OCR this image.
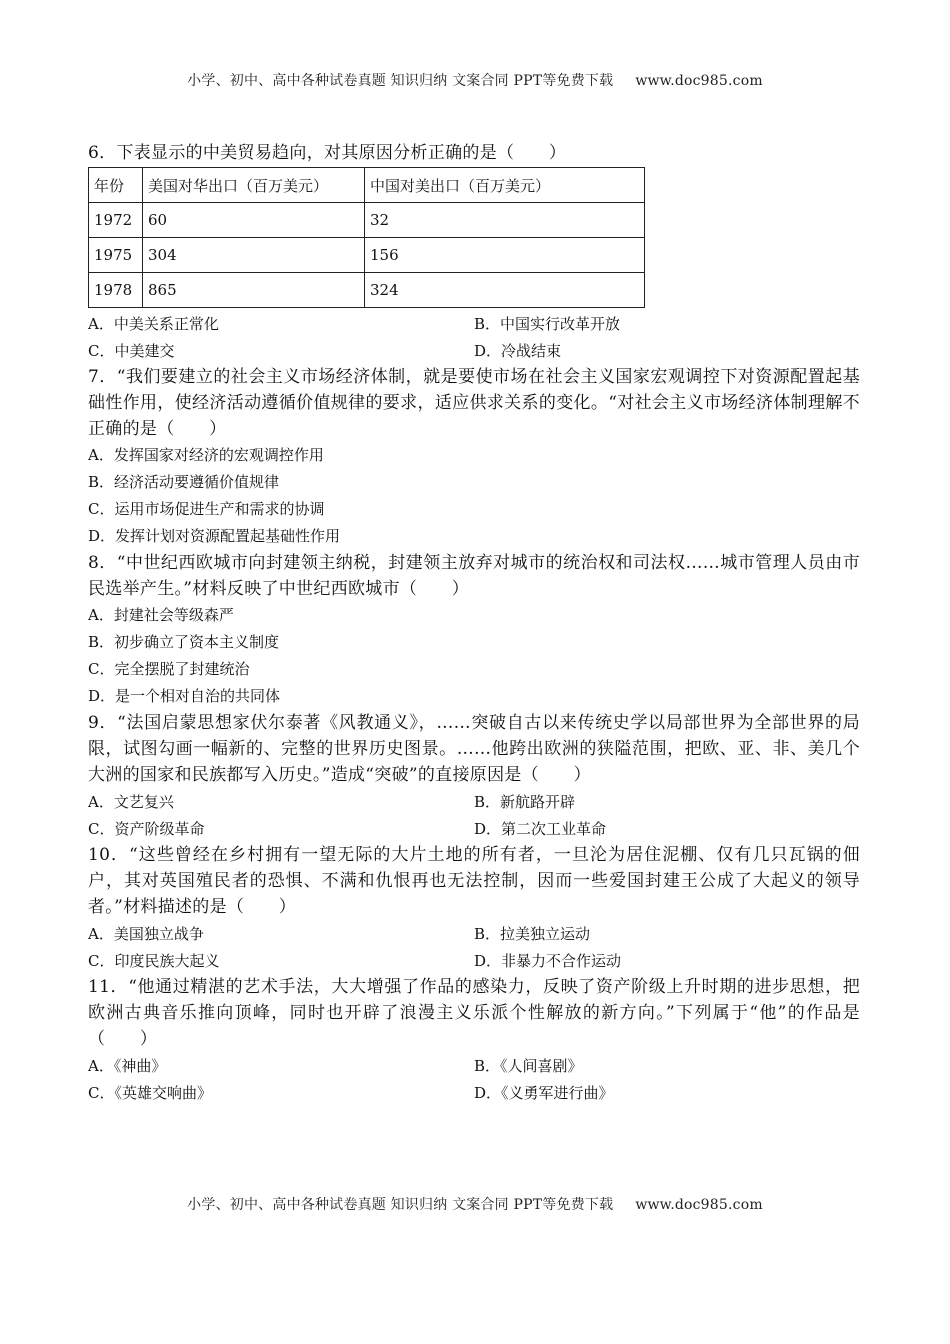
小学、初中、高中各种试卷真题 知识归纳 文案合同 PPT等免费下载 www.doc985.com

6．下表显示的中美贸易趋向，对其原因分析正确的是（　　）

年份	美国对华出口（百万美元）	中国对美出口（百万美元）
1972	60	32
1975	304	156
1978	865	324
A．中美关系正常化	B．中国实行改革开放
C．中美建交	D．冷战结束

7．“我们要建立的社会主义市场经济体制，就是要使市场在社会主义国家宏观调控下对资源配置起基础性作用，使经济活动遵循价值规律的要求，适应供求关系的变化。“对社会主义市场经济体制理解不正确的是（　　）

A．发挥国家对经济的宏观调控作用
B．经济活动要遵循价值规律
C．运用市场促进生产和需求的协调
D．发挥计划对资源配置起基础性作用

8．“中世纪西欧城市向封建领主纳税，封建领主放弃对城市的统治权和司法权……城市管理人员由市民选举产生。”材料反映了中世纪西欧城市（　　）

A．封建社会等级森严
B．初步确立了资本主义制度
C．完全摆脱了封建统治
D．是一个相对自治的共同体

9．“法国启蒙思想家伏尔泰著《风教通义》，……突破自古以来传统史学以局部世界为全部世界的局限，试图勾画一幅新的、完整的世界历史图景。……他跨出欧洲的狭隘范围，把欧、亚、非、美几个大洲的国家和民族都写入历史。”造成“突破”的直接原因是（　　）

A．文艺复兴	B．新航路开辟
C．资产阶级革命	D．第二次工业革命

10．“这些曾经在乡村拥有一望无际的大片土地的所有者，一旦沦为居住泥棚、仅有几只瓦锅的佃户，其对英国殖民者的恐惧、不满和仇恨再也无法控制，因而一些爱国封建王公成了大起义的领导者。”材料描述的是（　　）

A．美国独立战争	B．拉美独立运动
C．印度民族大起义	D．非暴力不合作运动

11．“他通过精湛的艺术手法，大大增强了作品的感染力，反映了资产阶级上升时期的进步思想，把欧洲古典音乐推向顶峰，同时也开辟了浪漫主义乐派个性解放的新方向。”下列属于“他”的作品是（　　）

A．《神曲》	B．《人间喜剧》
C．《英雄交响曲》	D．《义勇军进行曲》
小学、初中、高中各种试卷真题 知识归纳 文案合同 PPT等免费下载 www.doc985.com
